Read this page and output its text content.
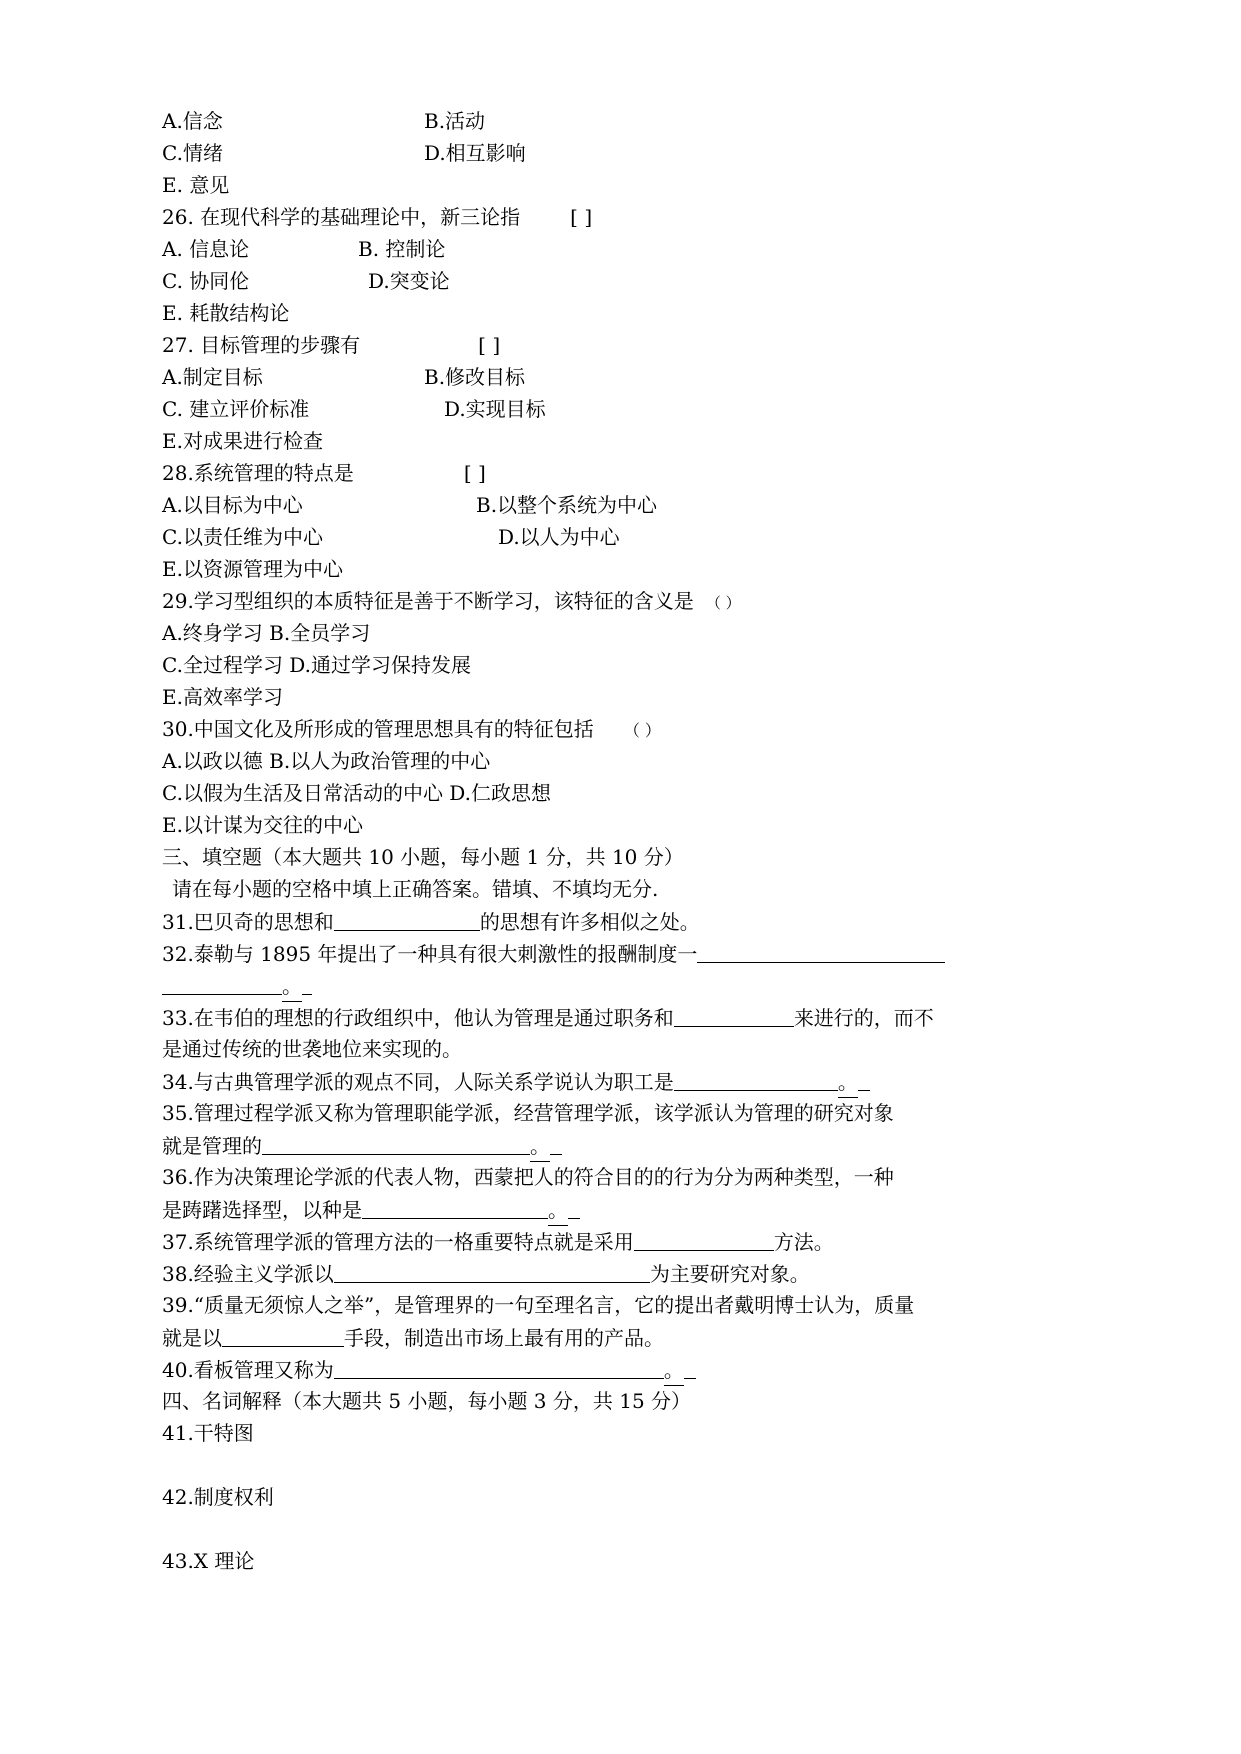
A.信念	B.活动
C.情绪	D.相互影响
E. 意见
26. 在现代科学的基础理论中，新三论指	[ ]
A. 信息论	B. 控制论
C. 协同伦	D.突变论
E. 耗散结构论
27. 目标管理的步骤有	[ ]
A.制定目标	B.修改目标
C. 建立评价标准	D.实现目标
E.对成果进行检查
28.系统管理的特点是	[ ]
A.以目标为中心	B.以整个系统为中心
C.以责任维为中心	D.以人为中心
E.以资源管理为中心
29.学习型组织的本质特征是善于不断学习，该特征的含义是 （ ）
A.终身学习 B.全员学习
C.全过程学习 D.通过学习保持发展
E.高效率学习
30.中国文化及所形成的管理思想具有的特征包括 （ ）
A.以政以德 B.以人为政治管理的中心
C.以假为生活及日常活动的中心 D.仁政思想
E.以计谋为交往的中心
三、填空题（本大题共 10 小题，每小题 1 分，共 10 分）
请在每小题的空格中填上正确答案。错填、不填均无分.
31.巴贝奇的思想和	的思想有许多相似之处。
32.泰勒与 1895 年提出了一种具有很大刺激性的报酬制度一
。
33.在韦伯的理想的行政组织中，他认为管理是通过职务和	来进行的，而不
是通过传统的世袭地位来实现的。
34.与古典管理学派的观点不同，人际关系学说认为职工是	。
35.管理过程学派又称为管理职能学派，经营管理学派，该学派认为管理的研究对象
就是管理的	。
36.作为决策理论学派的代表人物，西蒙把人的符合目的的行为分为两种类型，一种
是踌躇选择型，以种是	。
37.系统管理学派的管理方法的一格重要特点就是采用	方法。
38.经验主义学派以	为主要研究对象。
39.“质量无须惊人之举”，是管理界的一句至理名言，它的提出者戴明博士认为，质量
就是以	手段，制造出市场上最有用的产品。
40.看板管理又称为	。
四、名词解释（本大题共 5 小题，每小题 3 分，共 15 分）
41.干特图
42.制度权利
43.X 理论
